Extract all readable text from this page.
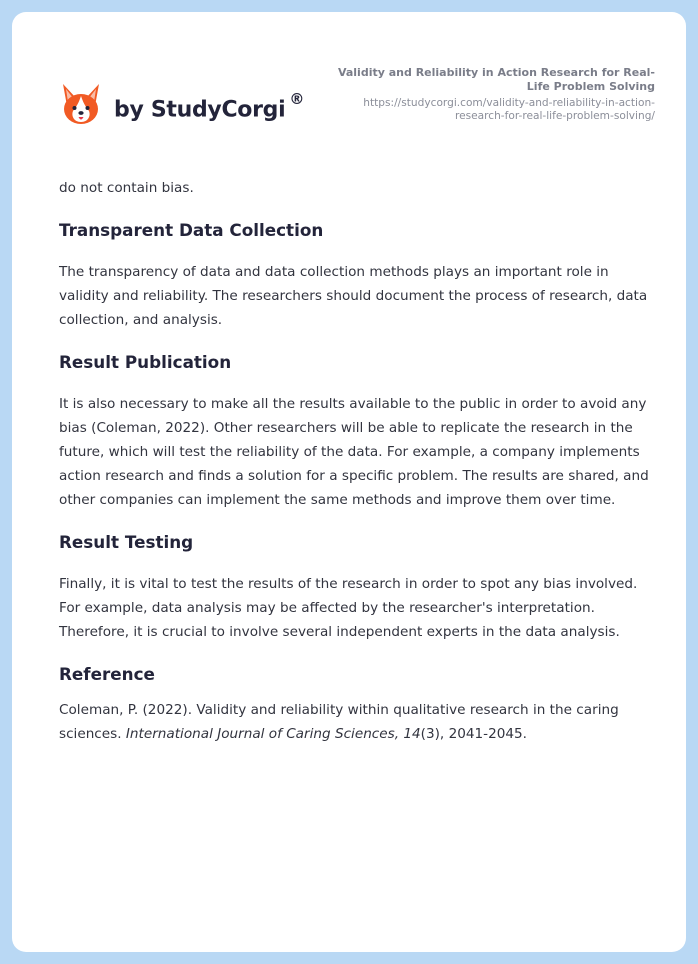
by StudyCorgi ®
Validity and Reliability in Action Research for Real-Life Problem Solving
https://studycorgi.com/validity-and-reliability-in-action-research-for-real-life-problem-solving/

do not contain bias.

Transparent Data Collection

The transparency of data and data collection methods plays an important role in validity and reliability. The researchers should document the process of research, data collection, and analysis.

Result Publication

It is also necessary to make all the results available to the public in order to avoid any bias (Coleman, 2022). Other researchers will be able to replicate the research in the future, which will test the reliability of the data. For example, a company implements action research and finds a solution for a specific problem. The results are shared, and other companies can implement the same methods and improve them over time.

Result Testing

Finally, it is vital to test the results of the research in order to spot any bias involved. For example, data analysis may be affected by the researcher's interpretation. Therefore, it is crucial to involve several independent experts in the data analysis.

Reference

Coleman, P. (2022). Validity and reliability within qualitative research in the caring sciences. International Journal of Caring Sciences, 14(3), 2041-2045.
